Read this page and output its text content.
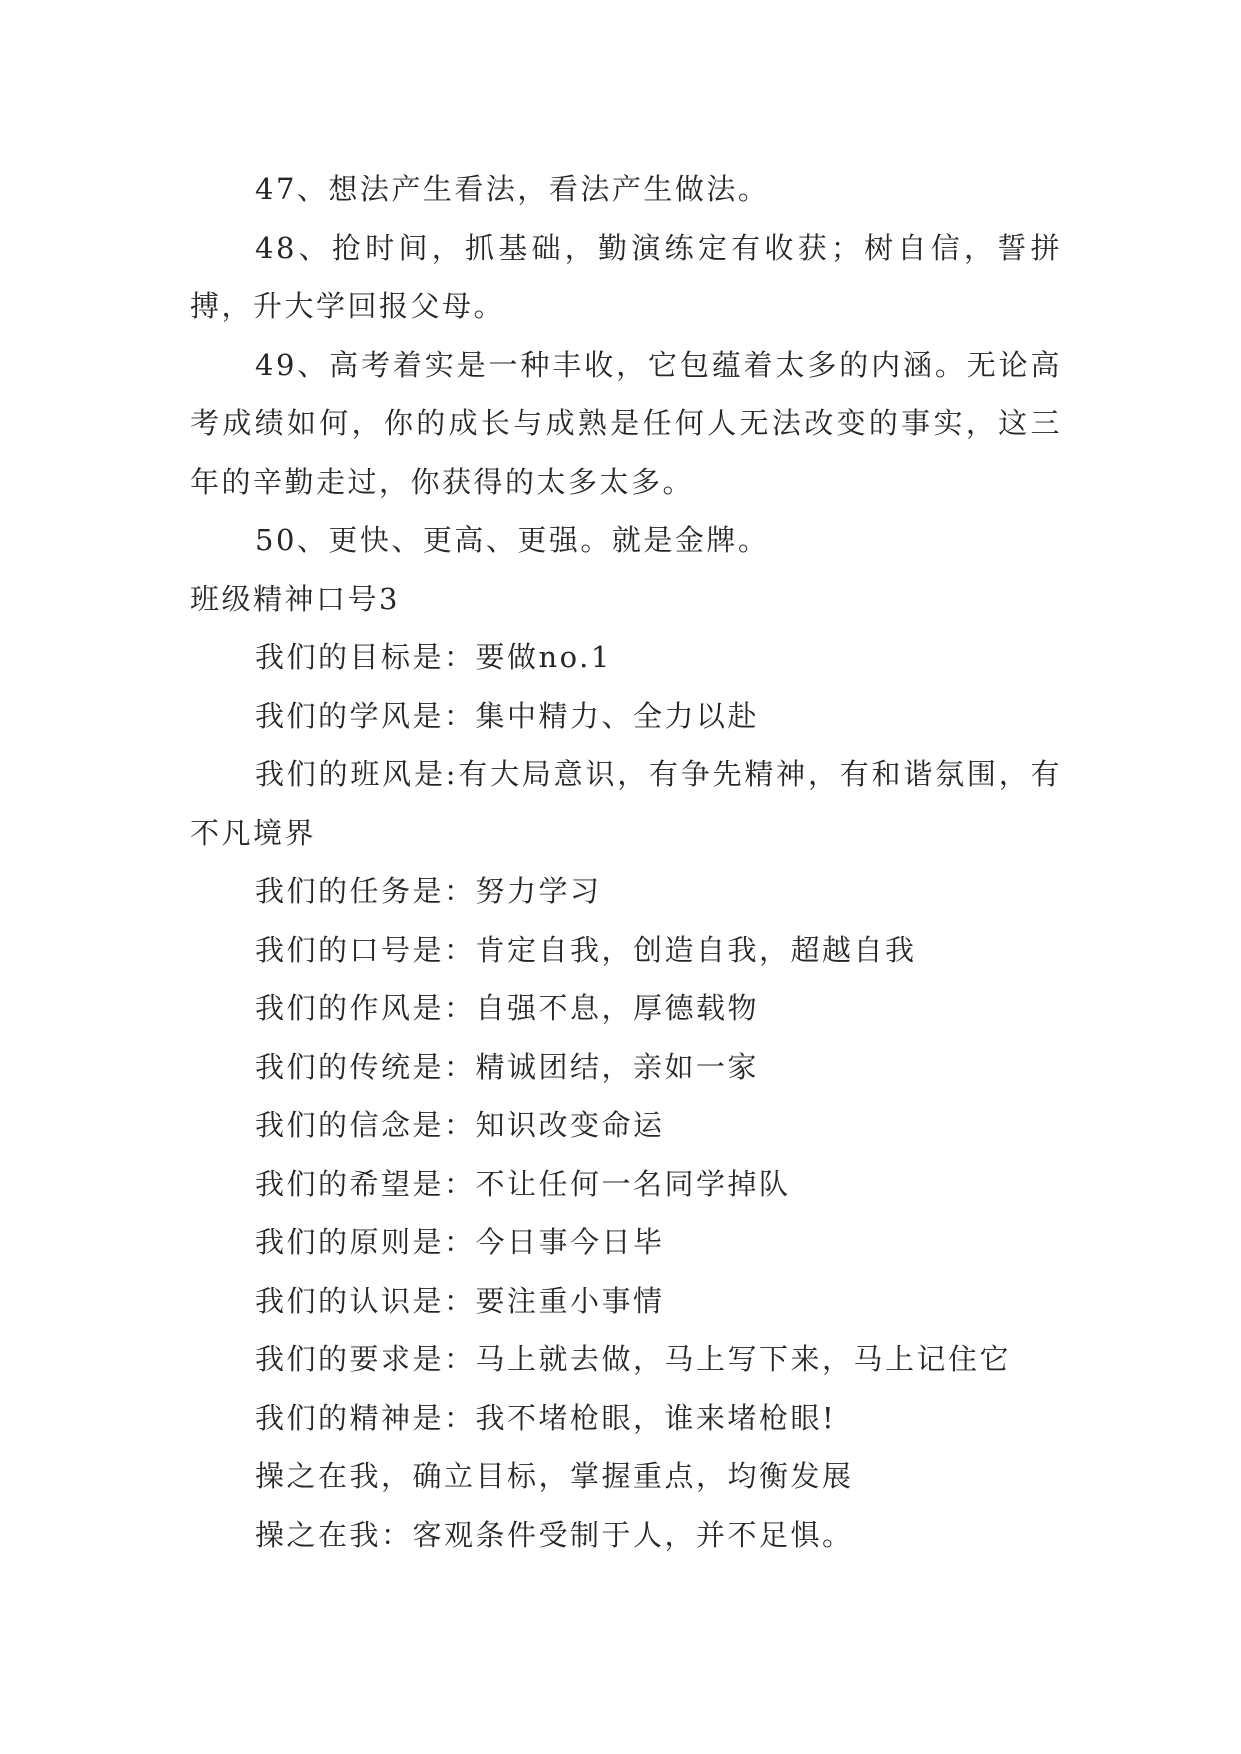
47、想法产生看法，看法产生做法。

48、抢时间，抓基础，勤演练定有收获；树自信，誓拼搏，升大学回报父母。

49、高考着实是一种丰收，它包蕴着太多的内涵。无论高考成绩如何，你的成长与成熟是任何人无法改变的事实，这三年的辛勤走过，你获得的太多太多。

50、更快、更高、更强。就是金牌。

班级精神口号3

我们的目标是：要做no.1

我们的学风是：集中精力、全力以赴

我们的班风是:有大局意识，有争先精神，有和谐氛围，有不凡境界

我们的任务是：努力学习

我们的口号是：肯定自我，创造自我，超越自我

我们的作风是：自强不息，厚德载物

我们的传统是：精诚团结，亲如一家

我们的信念是：知识改变命运

我们的希望是：不让任何一名同学掉队

我们的原则是：今日事今日毕

我们的认识是：要注重小事情

我们的要求是：马上就去做，马上写下来，马上记住它

我们的精神是：我不堵枪眼，谁来堵枪眼!

操之在我，确立目标，掌握重点，均衡发展

操之在我：客观条件受制于人，并不足惧。
